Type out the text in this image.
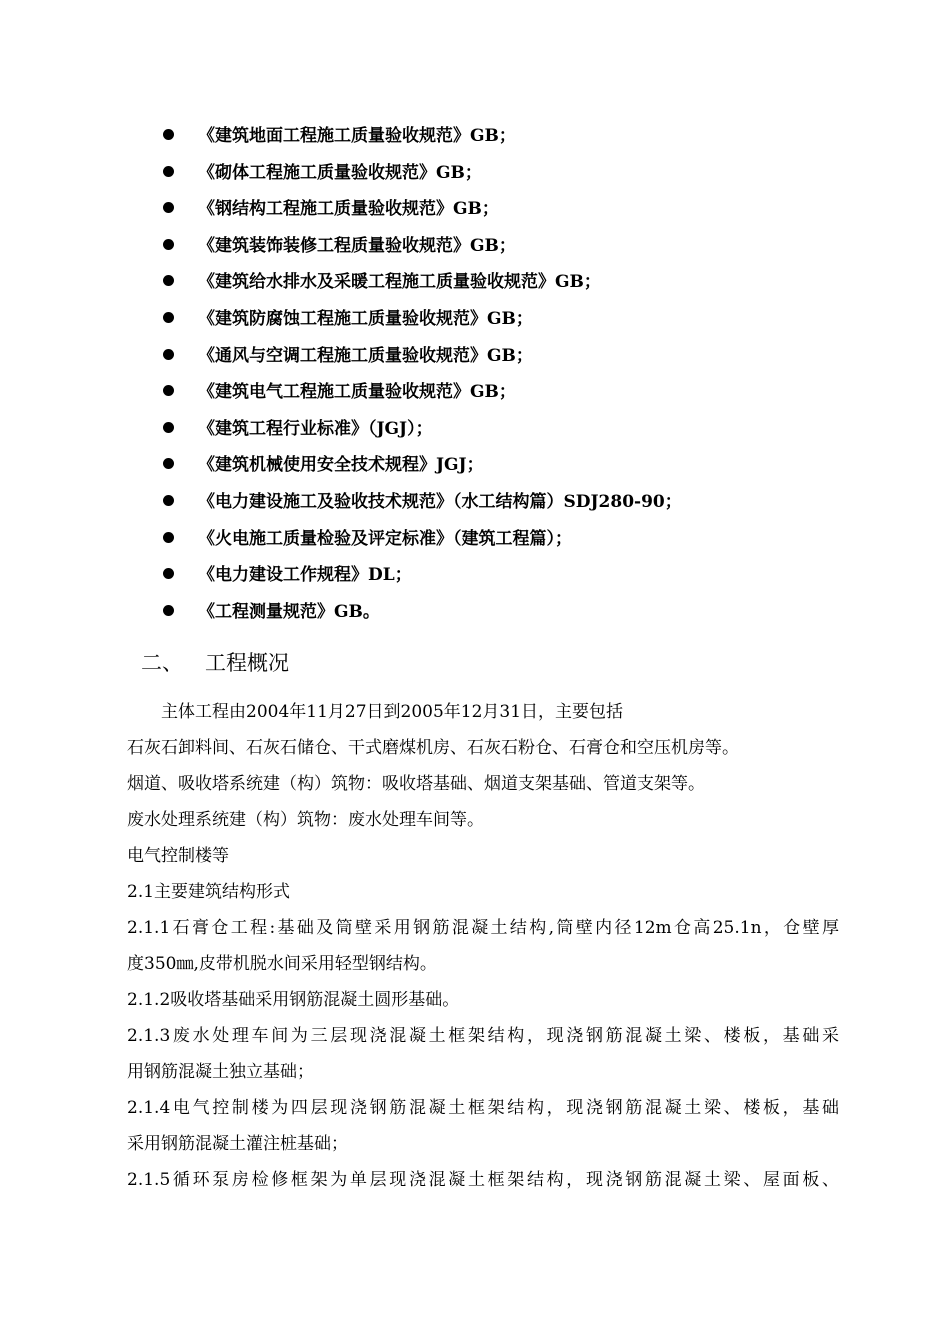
《建筑地面工程施工质量验收规范》GB；
《砌体工程施工质量验收规范》GB；
《钢结构工程施工质量验收规范》GB；
《建筑装饰装修工程质量验收规范》GB；
《建筑给水排水及采暖工程施工质量验收规范》GB；
《建筑防腐蚀工程施工质量验收规范》GB；
《通风与空调工程施工质量验收规范》GB；
《建筑电气工程施工质量验收规范》GB；
《建筑工程行业标准》（JGJ）；
《建筑机械使用安全技术规程》JGJ；
《电力建设施工及验收技术规范》（水工结构篇）SDJ280-90；
《火电施工质量检验及评定标准》（建筑工程篇）；
《电力建设工作规程》DL；
《工程测量规范》GB。
二、 工程概况
主体工程由2004年11月27日到2005年12月31日，主要包括
石灰石卸料间、石灰石储仓、干式磨煤机房、石灰石粉仓、石膏仓和空压机房等。
烟道、吸收塔系统建（构）筑物：吸收塔基础、烟道支架基础、管道支架等。
废水处理系统建（构）筑物：废水处理车间等。
电气控制楼等
2.1主要建筑结构形式
2.1.1石膏仓工程:基础及筒壁采用钢筋混凝土结构,筒壁内径12m仓高25.1n，仓壁厚
度350㎜,皮带机脱水间采用轻型钢结构。
2.1.2吸收塔基础采用钢筋混凝土圆形基础。
2.1.3废水处理车间为三层现浇混凝土框架结构，现浇钢筋混凝土梁、楼板，基础采
用钢筋混凝土独立基础；
2.1.4电气控制楼为四层现浇钢筋混凝土框架结构，现浇钢筋混凝土梁、楼板，基础
采用钢筋混凝土灌注桩基础；
2.1.5循环泵房检修框架为单层现浇混凝土框架结构，现浇钢筋混凝土梁、屋面板、
